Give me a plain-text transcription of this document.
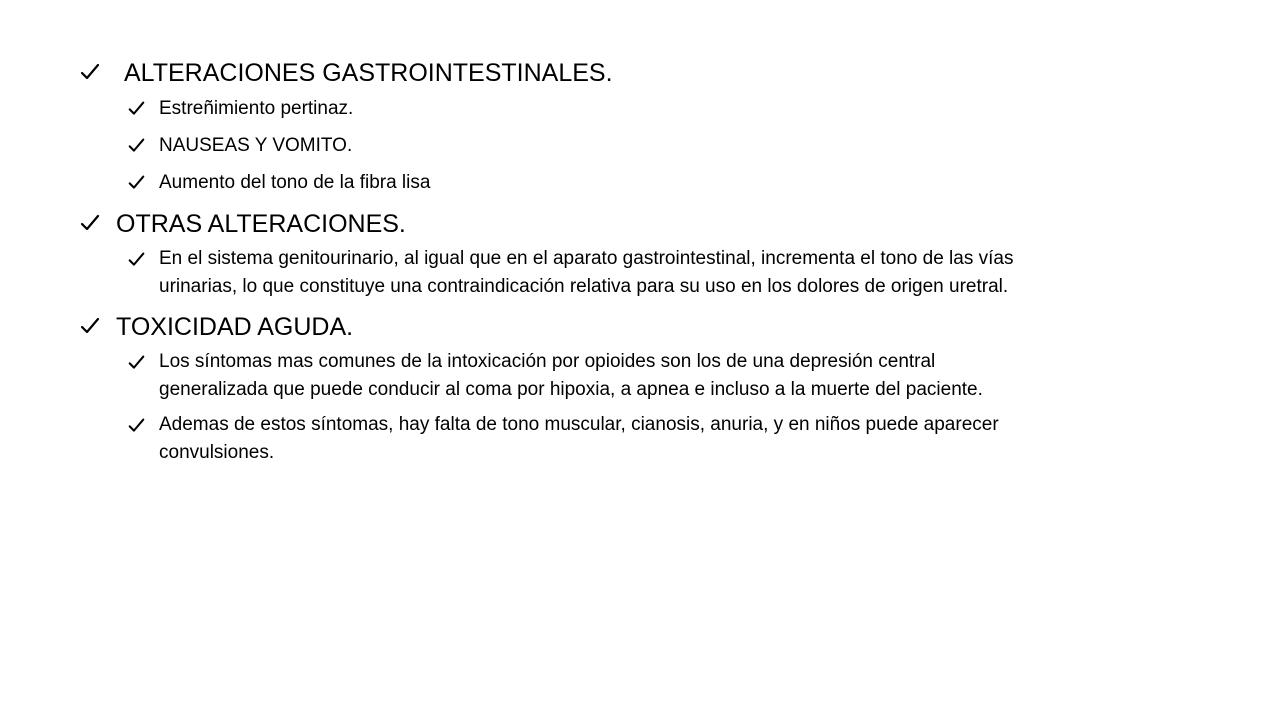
ALTERACIONES GASTROINTESTINALES.
Estreñimiento pertinaz.
NAUSEAS Y VOMITO.
Aumento del tono de la fibra lisa
OTRAS ALTERACIONES.
En el sistema genitourinario, al igual que en el aparato gastrointestinal, incrementa el tono de las vías urinarias, lo que constituye una contraindicación relativa para su uso en los dolores de origen uretral.
TOXICIDAD AGUDA.
Los síntomas mas comunes de la intoxicación por opioides son los de una depresión central generalizada que puede conducir al coma por hipoxia, a apnea e incluso a la muerte del paciente.
Ademas de estos síntomas, hay falta de tono muscular, cianosis, anuria, y en niños puede aparecer convulsiones.
